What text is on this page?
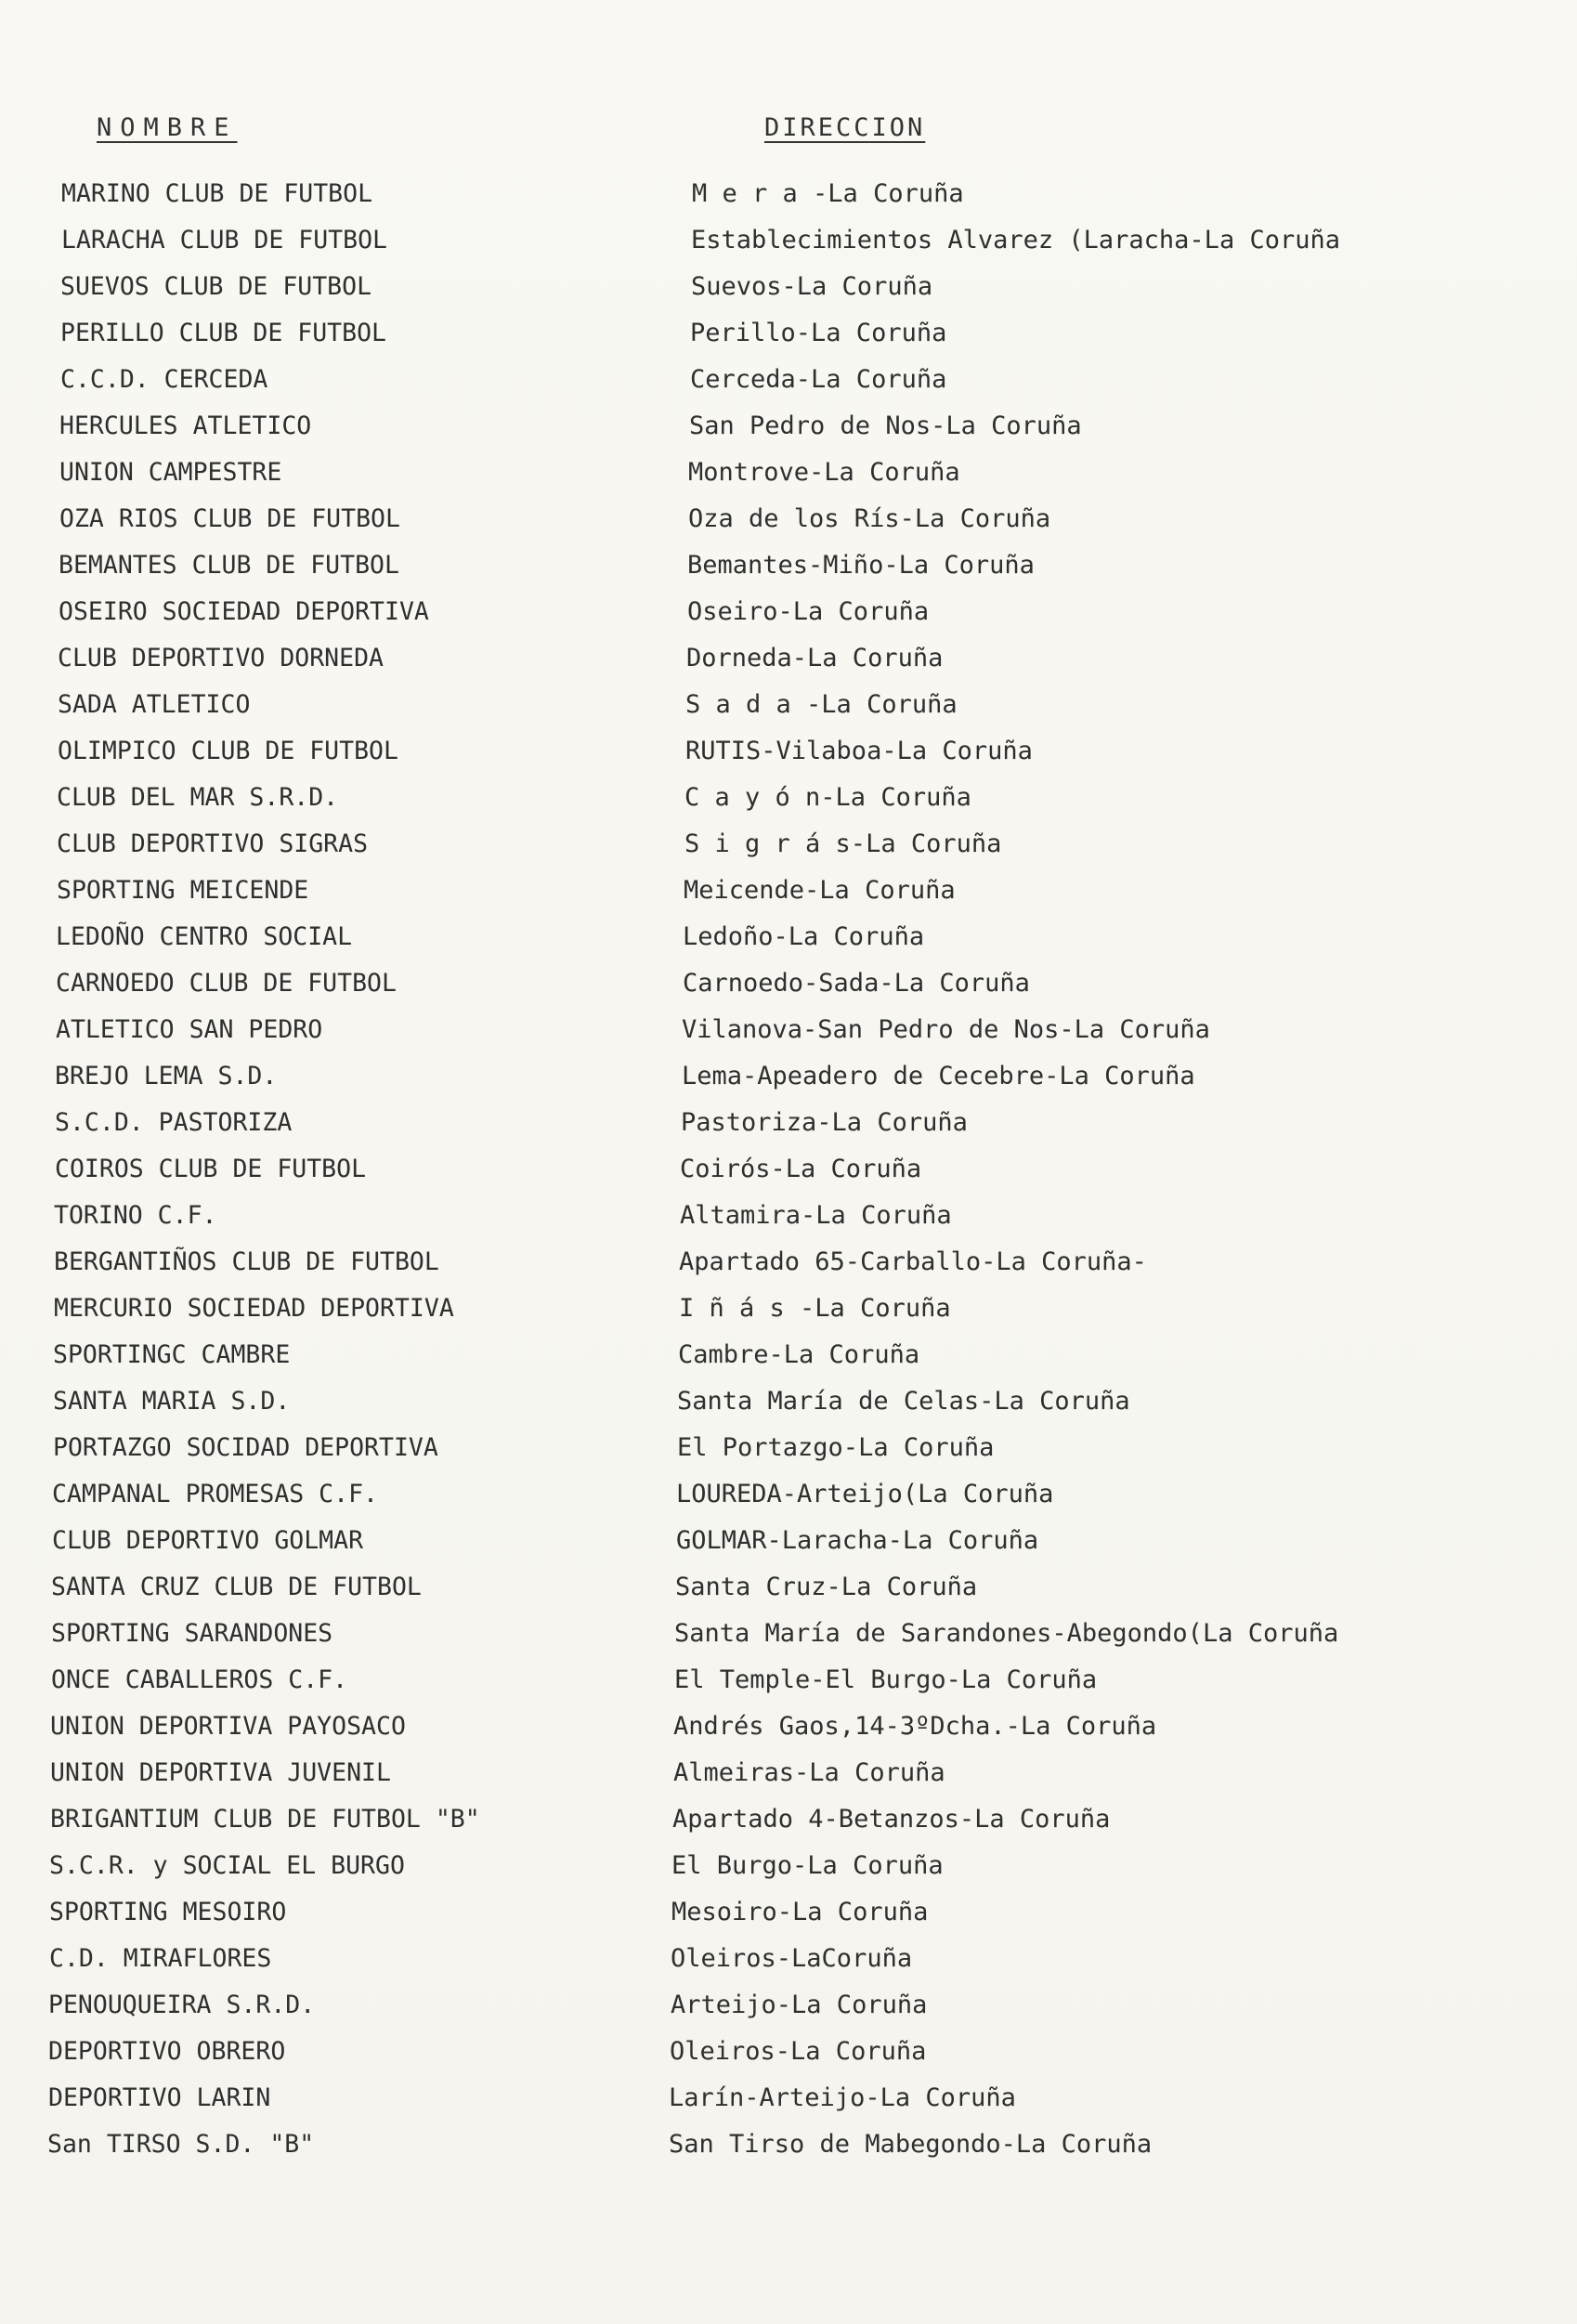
NOMBRE	DIRECCION
MARINO CLUB DE FUTBOL	M e r a -La Coruña
LARACHA CLUB DE FUTBOL	Establecimientos Alvarez (Laracha-La Coruña
SUEVOS CLUB DE FUTBOL	Suevos-La Coruña
PERILLO CLUB DE FUTBOL	Perillo-La Coruña
C.C.D. CERCEDA	Cerceda-La Coruña
HERCULES ATLETICO	San Pedro de Nos-La Coruña
UNION CAMPESTRE	Montrove-La Coruña
OZA RIOS CLUB DE FUTBOL	Oza de los Rís-La Coruña
BEMANTES CLUB DE FUTBOL	Bemantes-Miño-La Coruña
OSEIRO SOCIEDAD DEPORTIVA	Oseiro-La Coruña
CLUB DEPORTIVO DORNEDA	Dorneda-La Coruña
SADA ATLETICO	S a d a -La Coruña
OLIMPICO CLUB DE FUTBOL	RUTIS-Vilaboa-La Coruña
CLUB DEL MAR S.R.D.	C a y ó n-La Coruña
CLUB DEPORTIVO SIGRAS	S i g r á s-La Coruña
SPORTING MEICENDE	Meicende-La Coruña
LEDOÑO CENTRO SOCIAL	Ledoño-La Coruña
CARNOEDO CLUB DE FUTBOL	Carnoedo-Sada-La Coruña
ATLETICO SAN PEDRO	Vilanova-San Pedro de Nos-La Coruña
BREJO LEMA S.D.	Lema-Apeadero de Cecebre-La Coruña
S.C.D. PASTORIZA	Pastoriza-La Coruña
COIROS CLUB DE FUTBOL	Coirós-La Coruña
TORINO C.F.	Altamira-La Coruña
BERGANTIÑOS CLUB DE FUTBOL	Apartado 65-Carballo-La Coruña-
MERCURIO SOCIEDAD DEPORTIVA	I ñ á s -La Coruña
SPORTINGC CAMBRE	Cambre-La Coruña
SANTA MARIA S.D.	Santa María de Celas-La Coruña
PORTAZGO SOCIDAD DEPORTIVA	El Portazgo-La Coruña
CAMPANAL PROMESAS C.F.	LOUREDA-Arteijo(La Coruña
CLUB DEPORTIVO GOLMAR	GOLMAR-Laracha-La Coruña
SANTA CRUZ CLUB DE FUTBOL	Santa Cruz-La Coruña
SPORTING SARANDONES	Santa María de Sarandones-Abegondo(La Coruña
ONCE CABALLEROS C.F.	El Temple-El Burgo-La Coruña
UNION DEPORTIVA PAYOSACO	Andrés Gaos,14-3ºDcha.-La Coruña
UNION DEPORTIVA JUVENIL	Almeiras-La Coruña
BRIGANTIUM CLUB DE FUTBOL "B"	Apartado 4-Betanzos-La Coruña
S.C.R. y SOCIAL EL BURGO	El Burgo-La Coruña
SPORTING MESOIRO	Mesoiro-La Coruña
C.D. MIRAFLORES	Oleiros-LaCoruña
PENOUQUEIRA S.R.D.	Arteijo-La Coruña
DEPORTIVO OBRERO	Oleiros-La Coruña
DEPORTIVO LARIN	Larín-Arteijo-La Coruña
San TIRSO S.D. "B"	San Tirso de Mabegondo-La Coruña
